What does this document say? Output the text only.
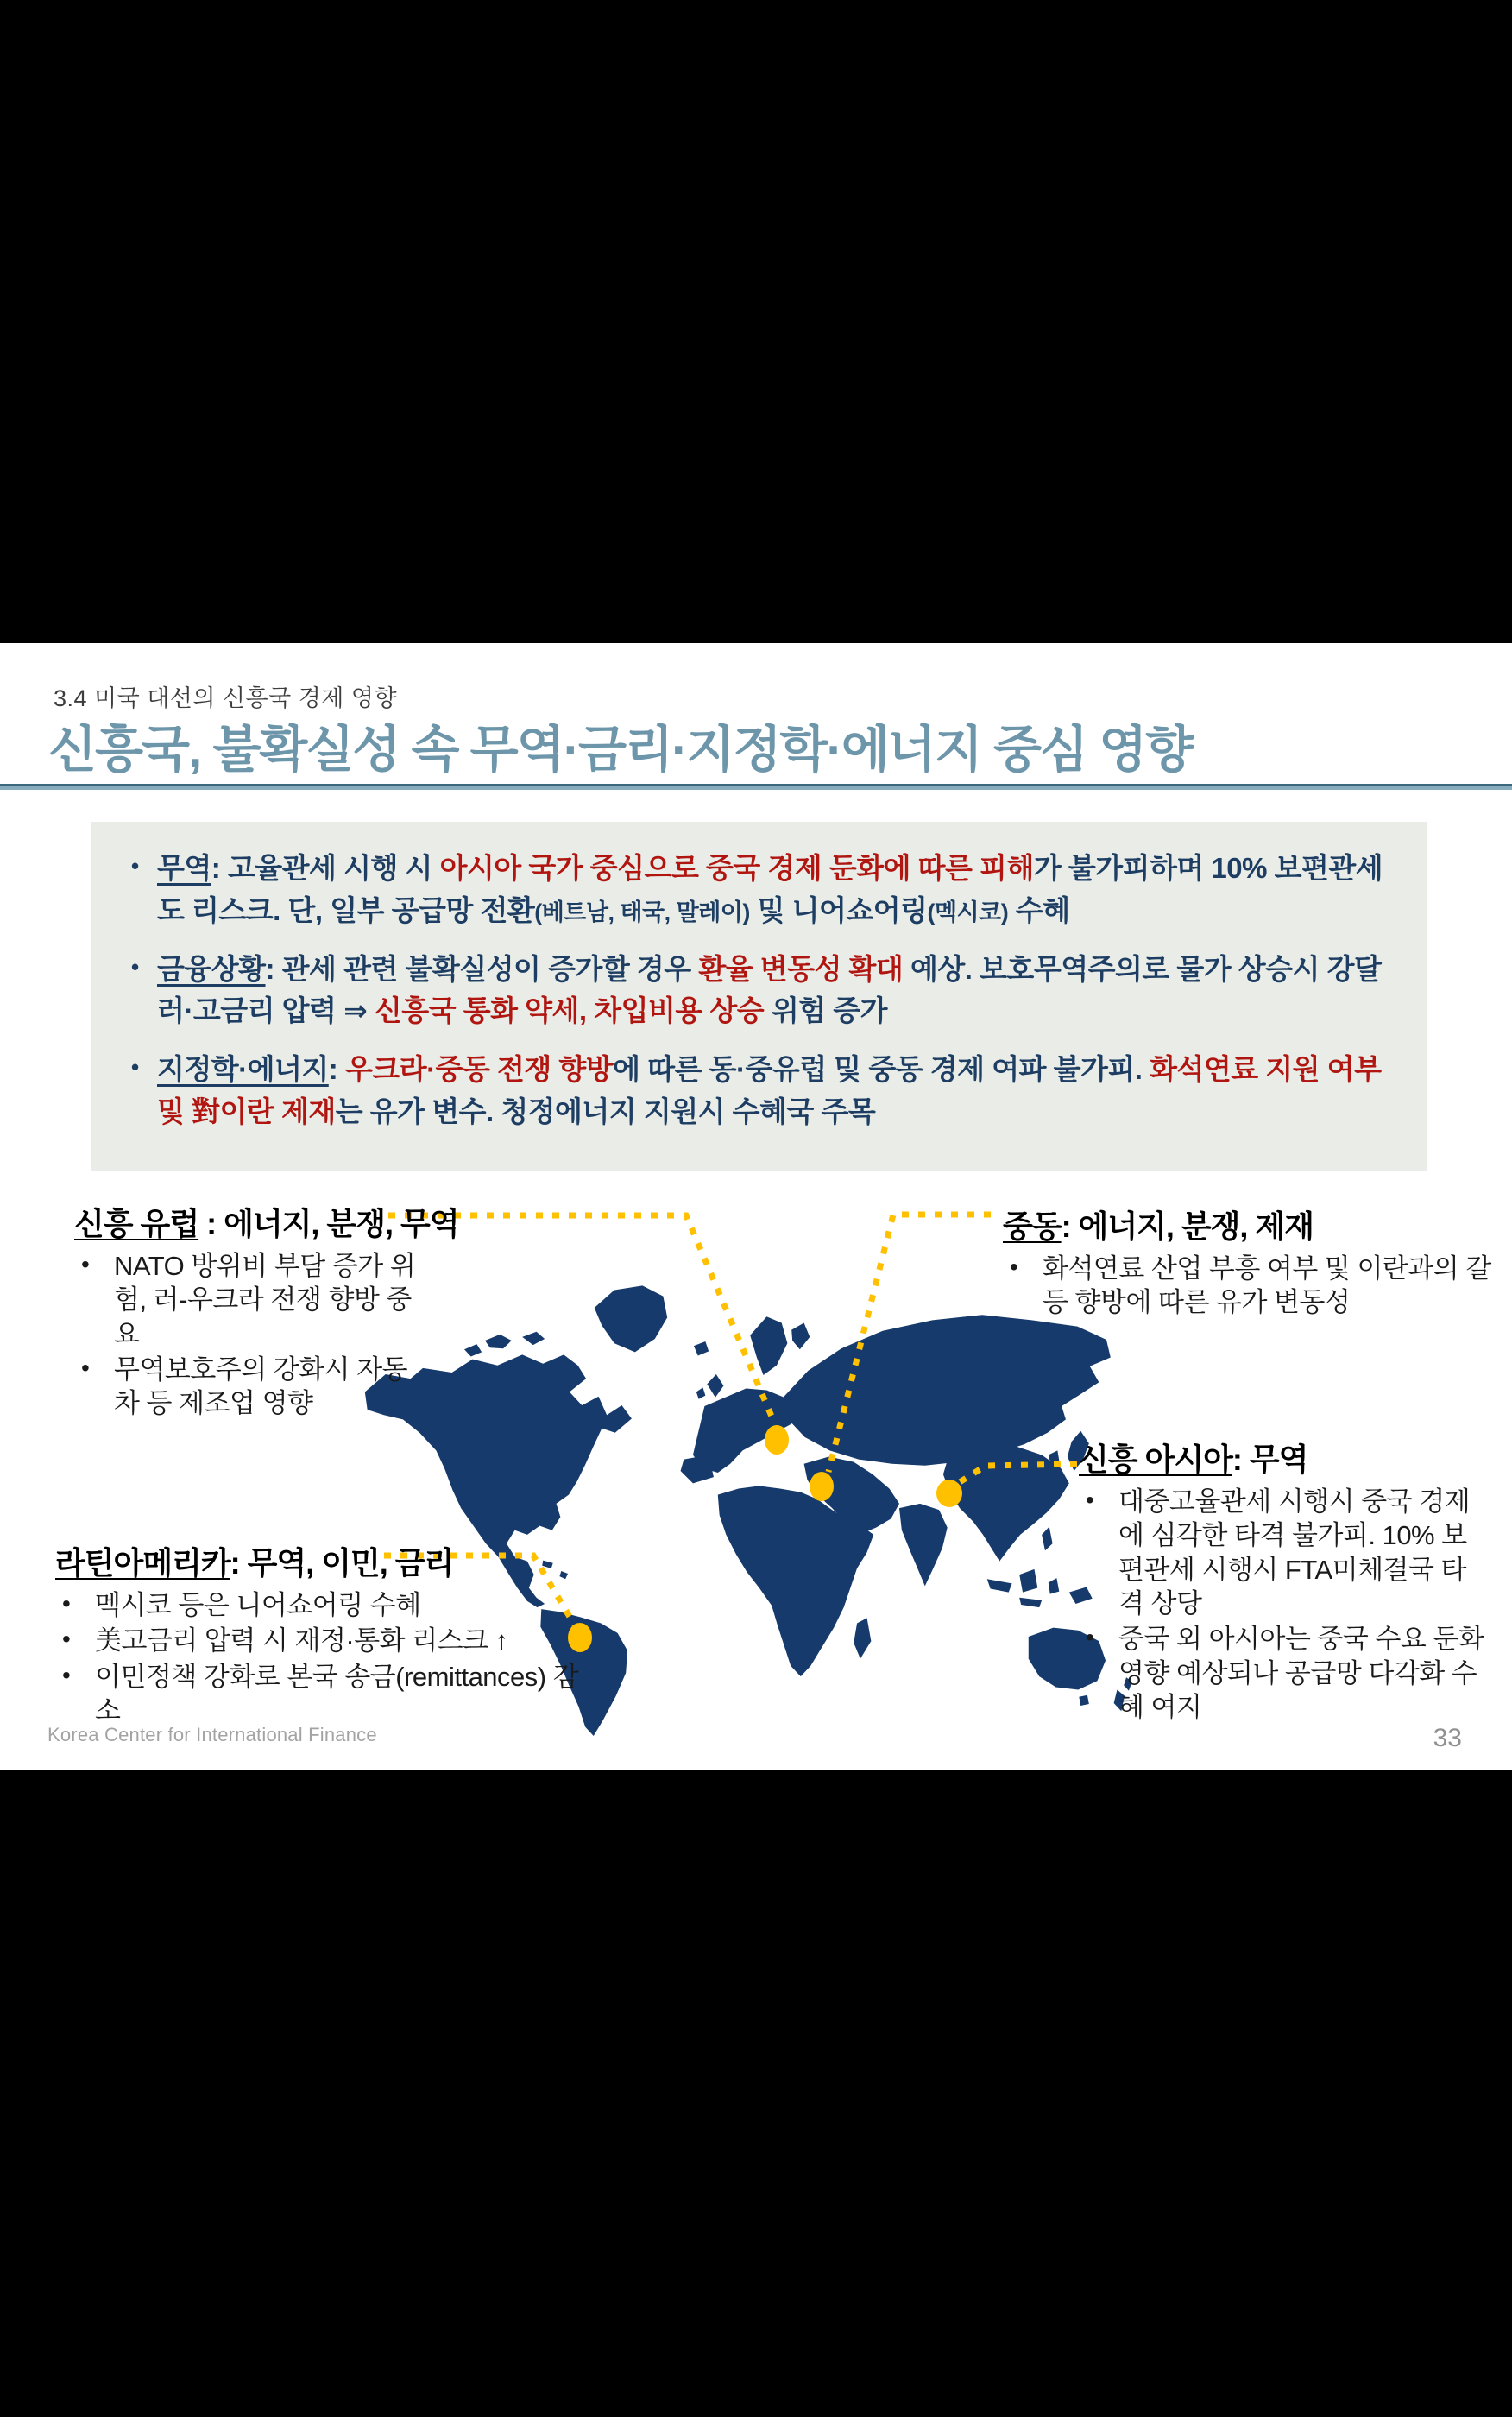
3.4 미국 대선의 신흥국 경제 영향
신흥국, 불확실성 속 무역·금리·지정학·에너지 중심 영향
• 무역: 고율관세 시행 시 아시아 국가 중심으로 중국 경제 둔화에 따른 피해가 불가피하며 10% 보편관세도 리스크. 단, 일부 공급망 전환(베트남, 태국, 말레이) 및 니어쇼어링(멕시코) 수혜
• 금융상황: 관세 관련 불확실성이 증가할 경우 환율 변동성 확대 예상. 보호무역주의로 물가 상승시 강달러·고금리 압력 ⇒ 신흥국 통화 약세, 차입비용 상승 위험 증가
• 지정학·에너지: 우크라·중동 전쟁 향방에 따른 동·중유럽 및 중동 경제 여파 불가피. 화석연료 지원 여부 및 對이란 제재는 유가 변수. 청정에너지 지원시 수혜국 주목
신흥 유럽 : 에너지, 분쟁, 무역
• NATO 방위비 부담 증가 위험, 러-우크라 전쟁 향방 중요
• 무역보호주의 강화시 자동차 등 제조업 영향
중동: 에너지, 분쟁, 제재
• 화석연료 산업 부흥 여부 및 이란과의 갈등 향방에 따른 유가 변동성
신흥 아시아: 무역
• 대중고율관세 시행시 중국 경제에 심각한 타격 불가피. 10% 보편관세 시행시 FTA미체결국 타격 상당
• 중국 외 아시아는 중국 수요 둔화 영향 예상되나 공급망 다각화 수혜 여지
라틴아메리카: 무역, 이민, 금리
• 멕시코 등은 니어쇼어링 수혜
• 美고금리 압력 시 재정·통화 리스크 ↑
• 이민정책 강화로 본국 송금(remittances) 감소
Korea Center for International Finance	33
